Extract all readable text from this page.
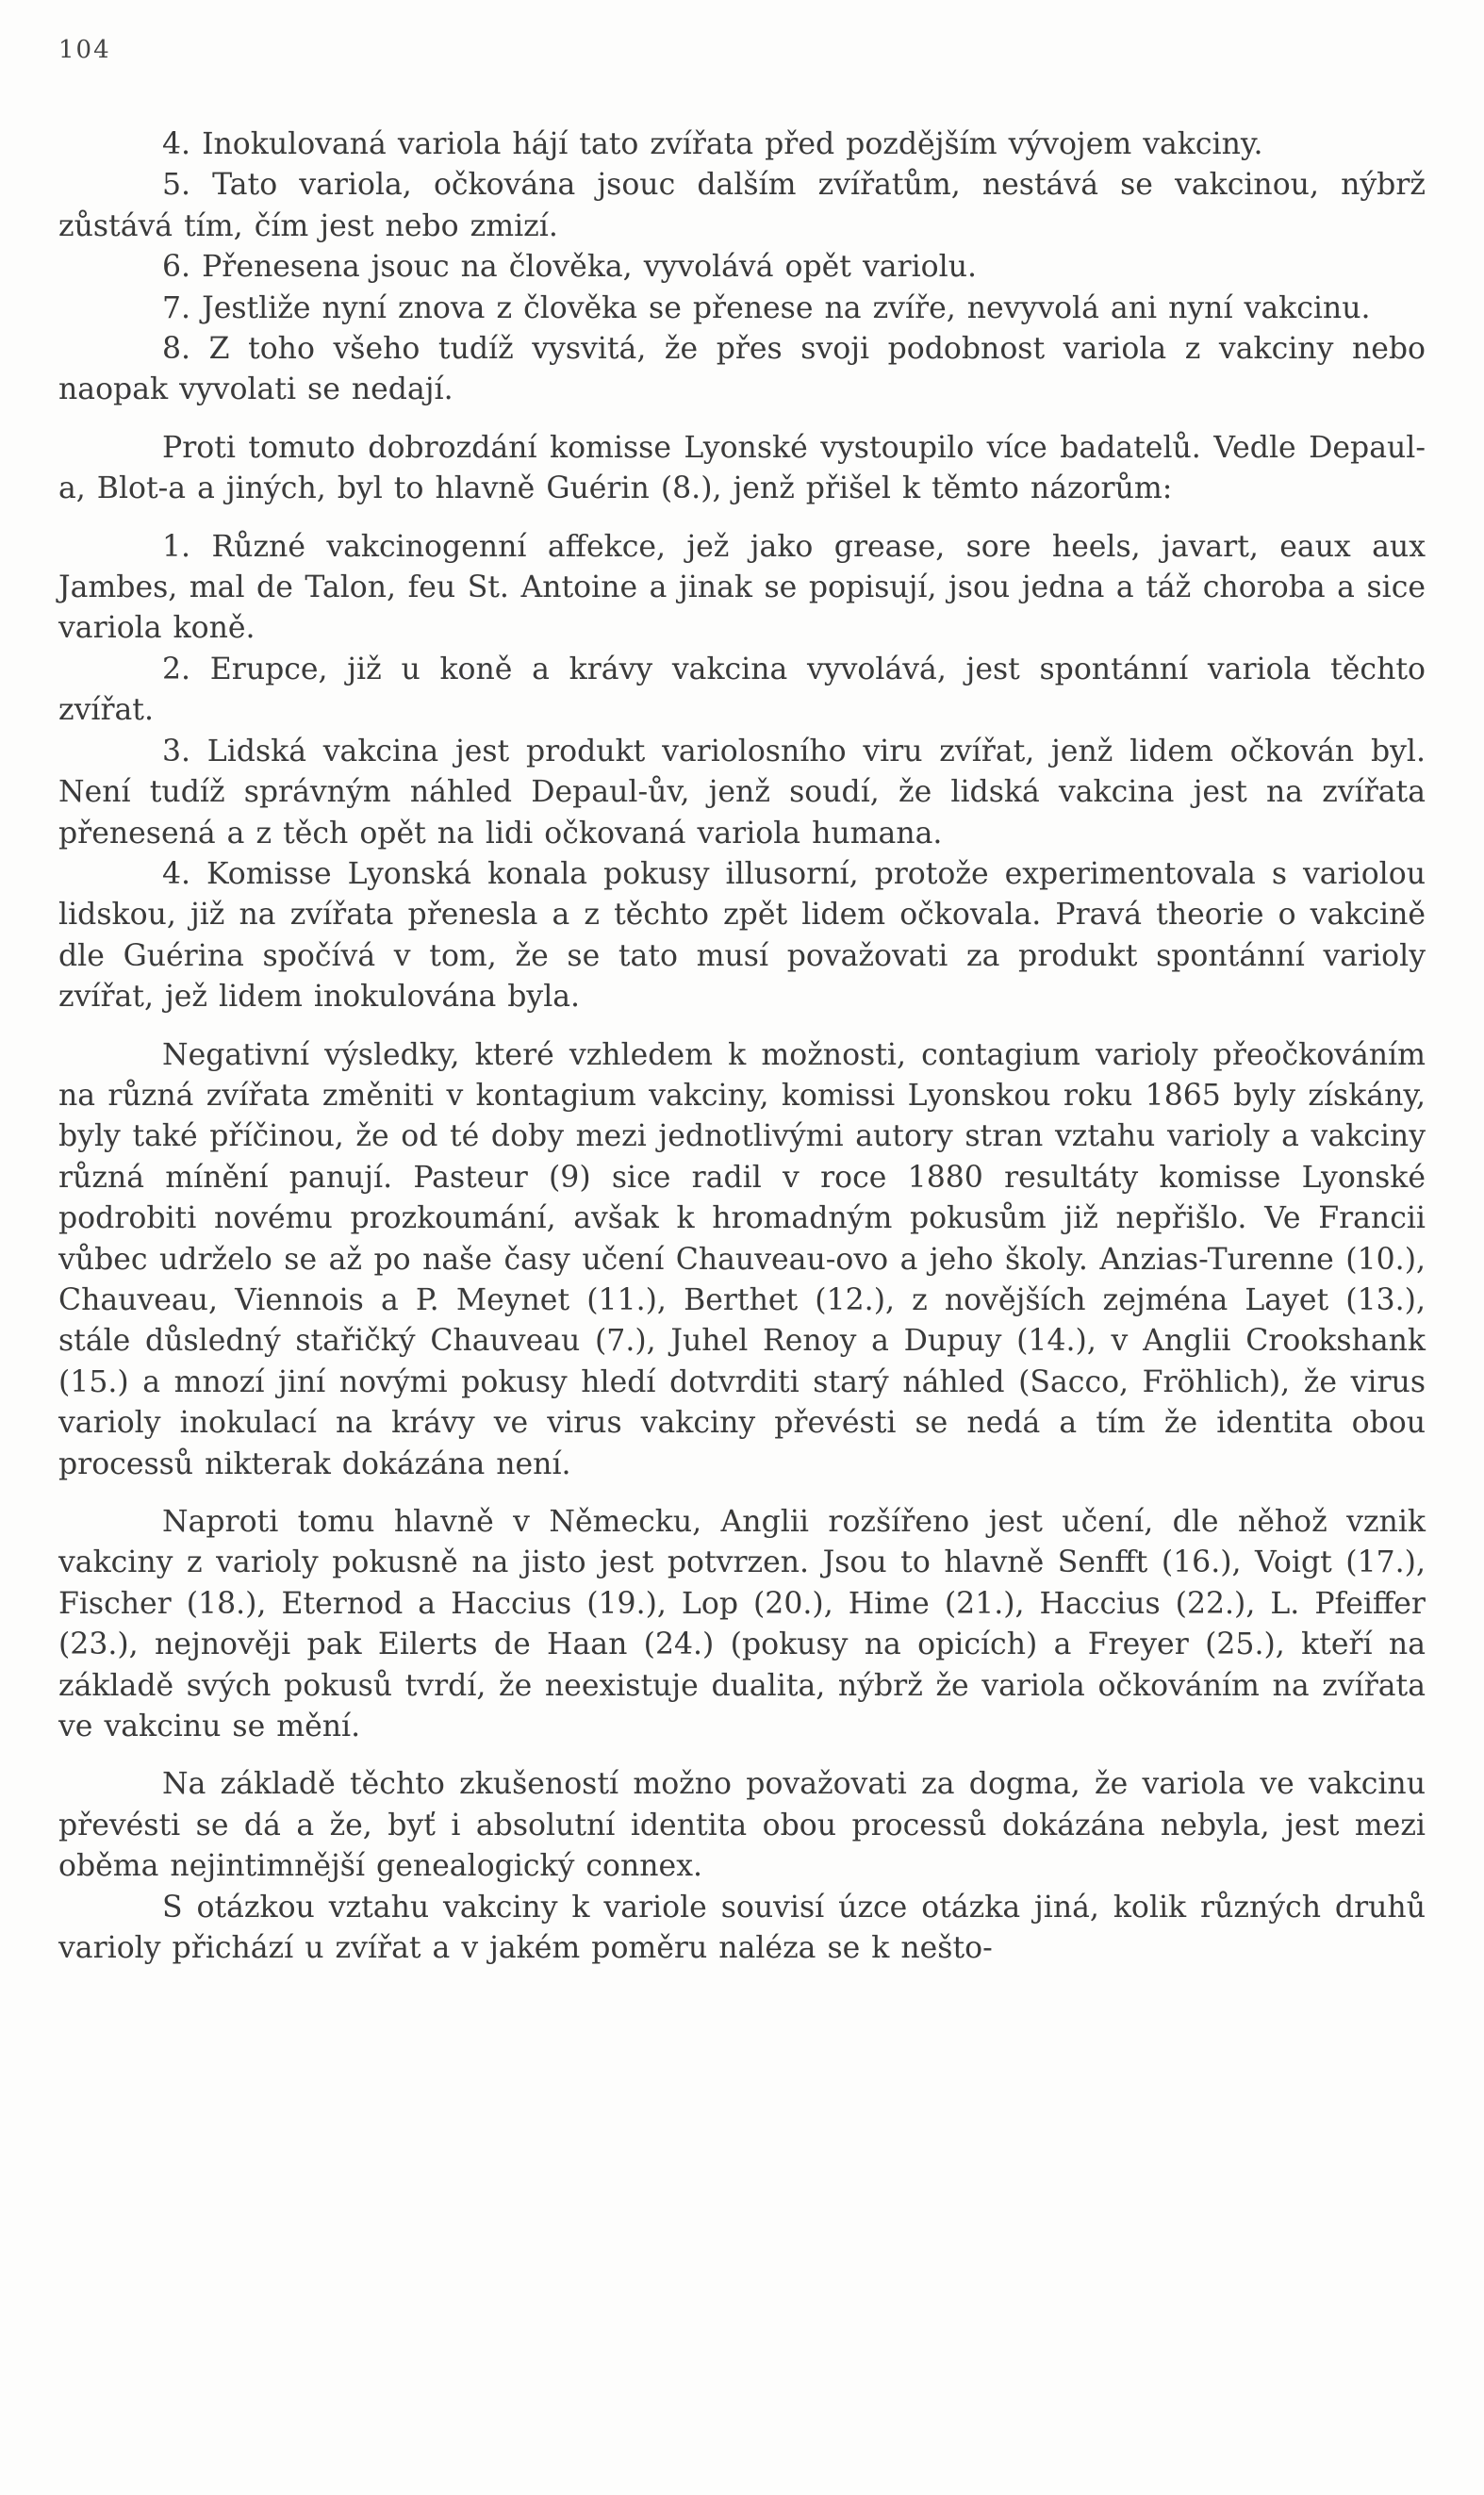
104

4. Inokulovaná variola hájí tato zvířata před pozdějším vývojem vakciny.

5. Tato variola, očkována jsouc dalším zvířatům, nestává se vakcinou, nýbrž zůstává tím, čím jest nebo zmizí.

6. Přenesena jsouc na člověka, vyvolává opět variolu.

7. Jestliže nyní znova z člověka se přenese na zvíře, nevyvolá ani nyní vakcinu.

8. Z toho všeho tudíž vysvitá, že přes svoji podobnost variola z vakciny nebo naopak vyvolati se nedají.

Proti tomuto dobrozdání komisse Lyonské vystoupilo více badatelů. Vedle Depaul-a, Blot-a a jiných, byl to hlavně Guérin (8.), jenž přišel k těmto názorům:

1. Různé vakcinogenní affekce, jež jako grease, sore heels, javart, eaux aux Jambes, mal de Talon, feu St. Antoine a jinak se popisují, jsou jedna a táž choroba a sice variola koně.

2. Erupce, již u koně a krávy vakcina vyvolává, jest spontánní variola těchto zvířat.

3. Lidská vakcina jest produkt variolosního viru zvířat, jenž lidem očkován byl. Není tudíž správným náhled Depaul-ův, jenž soudí, že lidská vakcina jest na zvířata přenesená a z těch opět na lidi očkovaná variola humana.

4. Komisse Lyonská konala pokusy illusorní, protože experimentovala s variolou lidskou, již na zvířata přenesla a z těchto zpět lidem očkovala. Pravá theorie o vakcině dle Guérina spočívá v tom, že se tato musí považovati za produkt spontánní varioly zvířat, jež lidem inokulována byla.

Negativní výsledky, které vzhledem k možnosti, contagium varioly přeočkováním na různá zvířata změniti v kontagium vakciny, komissi Lyonskou roku 1865 byly získány, byly také příčinou, že od té doby mezi jednotlivými autory stran vztahu varioly a vakciny různá mínění panují. Pasteur (9) sice radil v roce 1880 resultáty komisse Lyonské podrobiti novému prozkoumání, avšak k hromadným pokusům již nepřišlo. Ve Francii vůbec udrželo se až po naše časy učení Chauveau-ovo a jeho školy. Anzias-Turenne (10.), Chauveau, Viennois a P. Meynet (11.), Berthet (12.), z novějších zejména Layet (13.), stále důsledný stařičký Chauveau (7.), Juhel Renoy a Dupuy (14.), v Anglii Crookshank (15.) a mnozí jiní novými pokusy hledí dotvrditi starý náhled (Sacco, Fröhlich), že virus varioly inokulací na krávy ve virus vakciny převésti se nedá a tím že identita obou processů nikterak dokázána není.

Naproti tomu hlavně v Německu, Anglii rozšířeno jest učení, dle něhož vznik vakciny z varioly pokusně na jisto jest potvrzen. Jsou to hlavně Senfft (16.), Voigt (17.), Fischer (18.), Eternod a Haccius (19.), Lop (20.), Hime (21.), Haccius (22.), L. Pfeiffer (23.), nejnověji pak Eilerts de Haan (24.) (pokusy na opicích) a Freyer (25.), kteří na základě svých pokusů tvrdí, že neexistuje dualita, nýbrž že variola očkováním na zvířata ve vakcinu se mění.

Na základě těchto zkušeností možno považovati za dogma, že variola ve vakcinu převésti se dá a že, byť i absolutní identita obou processů dokázána nebyla, jest mezi oběma nejintimnější genealogický connex.

S otázkou vztahu vakciny k variole souvisí úzce otázka jiná, kolik různých druhů varioly přichází u zvířat a v jakém poměru naléza se k nešto-
